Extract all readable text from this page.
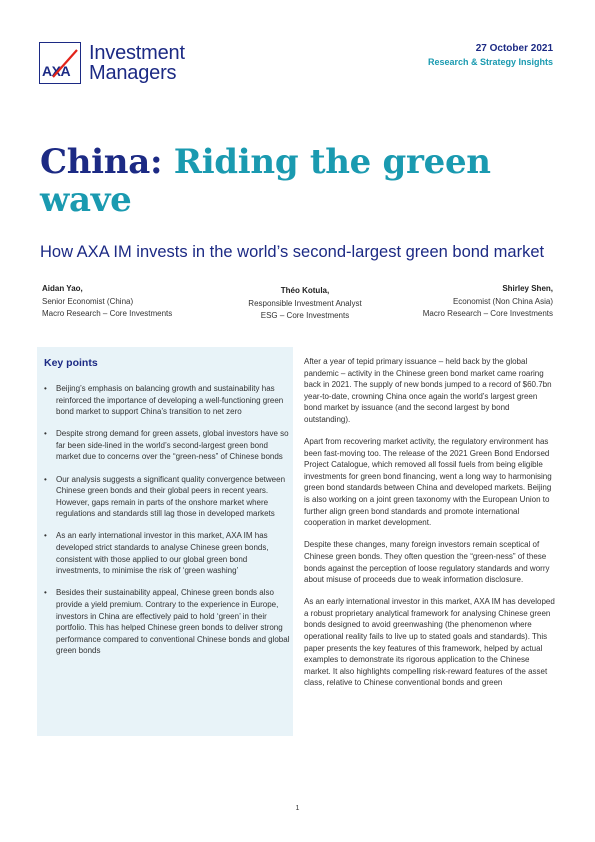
AXA
Investment
Managers
27 October 2021
Research & Strategy Insights
China: Riding the green wave
How AXA IM invests in the world’s second-largest green bond market
Aidan Yao,
Senior Economist (China)
Macro Research – Core Investments
Théo Kotula,
Responsible Investment Analyst
ESG – Core Investments
Shirley Shen,
Economist (Non China Asia)
Macro Research – Core Investments
Key points
• Beijing’s emphasis on balancing growth and sustainability has reinforced the importance of developing a well-functioning green bond market to support China’s transition to net zero
• Despite strong demand for green assets, global investors have so far been side-lined in the world’s second-largest green bond market due to concerns over the “green-ness” of Chinese bonds
• Our analysis suggests a significant quality convergence between Chinese green bonds and their global peers in recent years. However, gaps remain in parts of the onshore market where regulations and standards still lag those in developed markets
• As an early international investor in this market, AXA IM has developed strict standards to analyse Chinese green bonds, consistent with those applied to our global green bond investments, to minimise the risk of ‘green washing’
• Besides their sustainability appeal, Chinese green bonds also provide a yield premium. Contrary to the experience in Europe, investors in China are effectively paid to hold ‘green’ in their portfolio. This has helped Chinese green bonds to deliver strong performance compared to conventional Chinese bonds and global green bonds

After a year of tepid primary issuance – held back by the global pandemic – activity in the Chinese green bond market came roaring back in 2021. The supply of new bonds jumped to a record of $60.7bn year-to-date, crowning China once again the world’s largest green bond market by issuance (and the second largest by bond outstanding).

Apart from recovering market activity, the regulatory environment has been fast-moving too. The release of the 2021 Green Bond Endorsed Project Catalogue, which removed all fossil fuels from being eligible investments for green bond financing, went a long way to harmonising green bond standards between China and developed markets. Beijing is also working on a joint green taxonomy with the European Union to further align green bond standards and promote international cooperation in market development.

Despite these changes, many foreign investors remain sceptical of Chinese green bonds. They often question the “green-ness” of these bonds against the perception of loose regulatory standards and worry about misuse of proceeds due to weak information disclosure.

As an early international investor in this market, AXA IM has developed a robust proprietary analytical framework for analysing Chinese green bonds designed to avoid greenwashing (the phenomenon where operational reality fails to live up to stated goals and standards). This paper presents the key features of this framework, helped by actual examples to demonstrate its rigorous application to the Chinese market. It also highlights compelling risk-reward features of the asset class, relative to Chinese conventional bonds and green

1
